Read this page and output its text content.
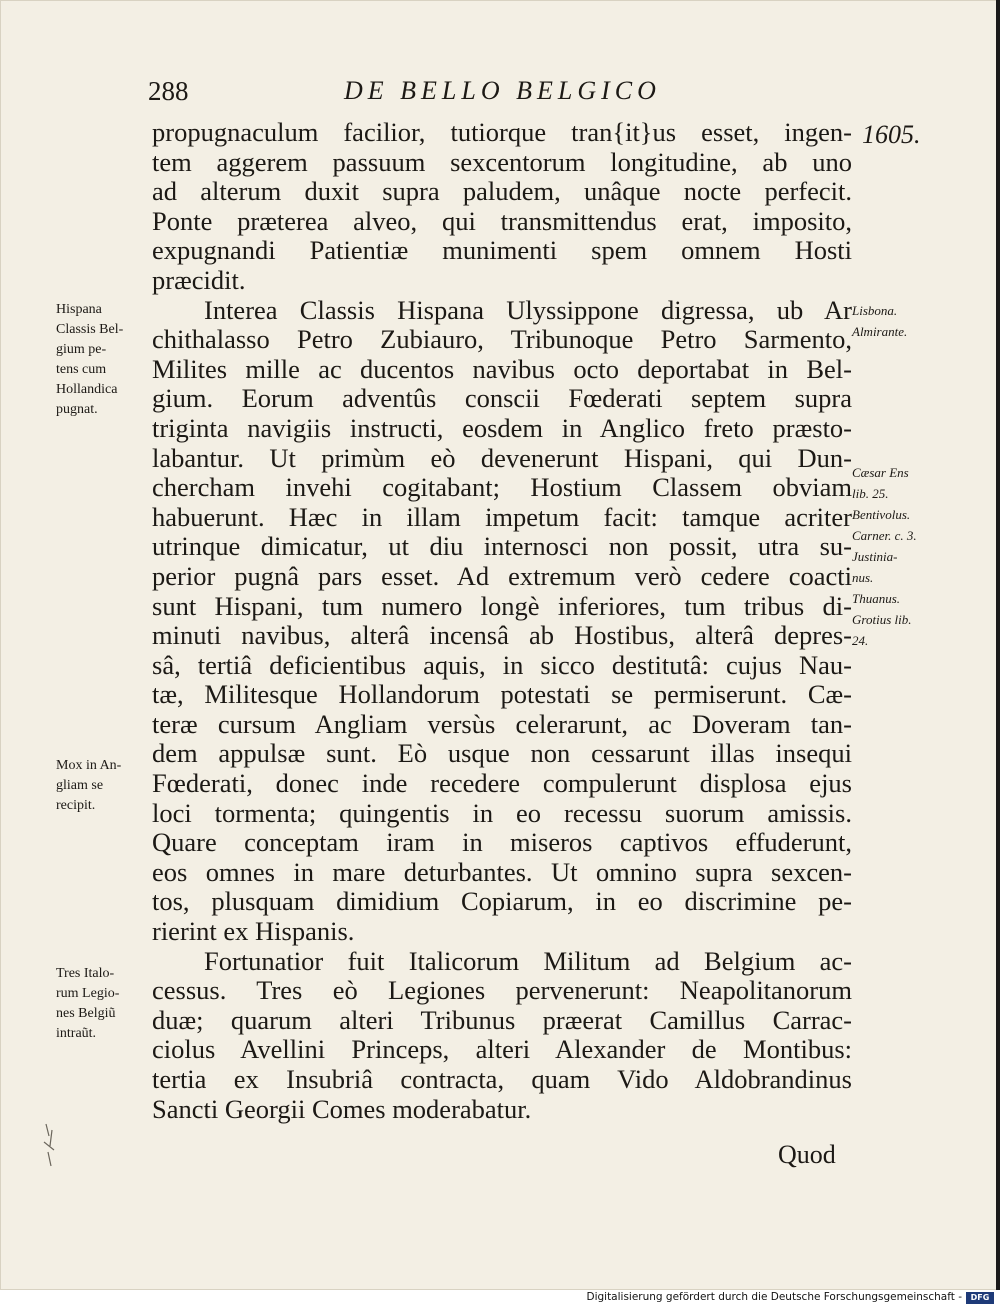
288	DE BELLO BELGICO
1605.
propugnaculum facilior, tutiorque tran{it}us esset, ingen-
tem aggerem passuum sexcentorum longitudine, ab uno
ad alterum duxit supra paludem, unâque nocte perfecit.
Ponte præterea alveo, qui transmittendus erat, imposito,
expugnandi Patientiæ munimenti spem omnem Hosti
præcidit.
Interea Classis Hispana Ulyssippone digressa, ub Ar
chithalasso Petro Zubiauro, Tribunoque Petro Sarmento,
Milites mille ac ducentos navibus octo deportabat in Bel-
gium. Eorum adventûs conscii Fœderati septem supra
triginta navigiis instructi, eosdem in Anglico freto præsto-
labantur. Ut primùm eò devenerunt Hispani, qui Dun-
chercham invehi cogitabant; Hostium Classem obviam
habuerunt. Hæc in illam impetum facit: tamque acriter
utrinque dimicatur, ut diu internosci non possit, utra su-
perior pugnâ pars esset. Ad extremum verò cedere coacti
sunt Hispani, tum numero longè inferiores, tum tribus di-
minuti navibus, alterâ incensâ ab Hostibus, alterâ depres-
sâ, tertiâ deficientibus aquis, in sicco destitutâ: cujus Nau-
tæ, Militesque Hollandorum potestati se permiserunt. Cæ-
teræ cursum Angliam versùs celerarunt, ac Doveram tan-
dem appulsæ sunt. Eò usque non cessarunt illas insequi
Fœderati, donec inde recedere compulerunt displosa ejus
loci tormenta; quingentis in eo recessu suorum amissis.
Quare conceptam iram in miseros captivos effuderunt,
eos omnes in mare deturbantes. Ut omnino supra sexcen-
tos, plusquam dimidium Copiarum, in eo discrimine pe-
rierint ex Hispanis.
Fortunatior fuit Italicorum Militum ad Belgium ac-
cessus. Tres eò Legiones pervenerunt: Neapolitanorum
duæ; quarum alteri Tribunus præerat Camillus Carrac-
ciolus Avellini Princeps, alteri Alexander de Montibus:
tertia ex Insubriâ contracta, quam Vido Aldobrandinus
Sancti Georgii Comes moderabatur.
Hispana
Classis Bel-
gium pe-
tens cum
Hollandica
pugnat.
Mox in An-
gliam se
recipit.
Tres Italo-
rum Legio-
nes Belgiũ
intraũt.
Lisbona.
Almirante.
Cæsar Ens
lib. 25.
Bentivolus.
Carner. c. 3.
Justinia-
nus.
Thuanus.
Grotius lib.
24.
Quod
Digitalisierung gefördert durch die Deutsche Forschungsgemeinschaft -	DFG
